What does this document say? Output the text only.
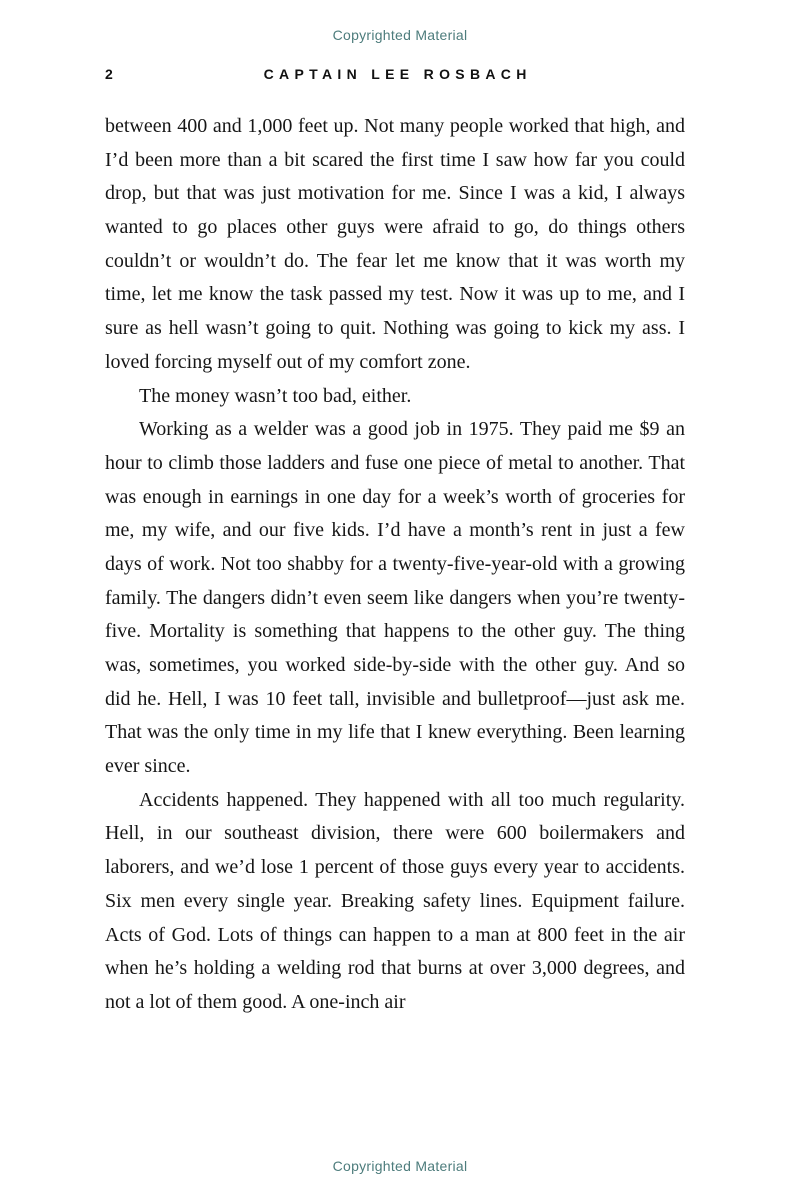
Copyrighted Material
2	CAPTAIN LEE ROSBACH

between 400 and 1,000 feet up. Not many people worked that high, and I’d been more than a bit scared the first time I saw how far you could drop, but that was just motivation for me. Since I was a kid, I always wanted to go places other guys were afraid to go, do things others couldn’t or wouldn’t do. The fear let me know that it was worth my time, let me know the task passed my test. Now it was up to me, and I sure as hell wasn’t going to quit. Nothing was going to kick my ass. I loved forcing myself out of my comfort zone.

The money wasn’t too bad, either.

Working as a welder was a good job in 1975. They paid me $9 an hour to climb those ladders and fuse one piece of metal to another. That was enough in earnings in one day for a week’s worth of groceries for me, my wife, and our five kids. I’d have a month’s rent in just a few days of work. Not too shabby for a twenty-five-year-old with a growing family. The dangers didn’t even seem like dangers when you’re twenty-five. Mortality is something that happens to the other guy. The thing was, sometimes, you worked side-by-side with the other guy. And so did he. Hell, I was 10 feet tall, invisible and bulletproof—just ask me. That was the only time in my life that I knew everything. Been learning ever since.

Accidents happened. They happened with all too much regularity. Hell, in our southeast division, there were 600 boilermakers and laborers, and we’d lose 1 percent of those guys every year to accidents. Six men every single year. Breaking safety lines. Equipment failure. Acts of God. Lots of things can happen to a man at 800 feet in the air when he’s holding a welding rod that burns at over 3,000 degrees, and not a lot of them good. A one-inch air

Copyrighted Material
